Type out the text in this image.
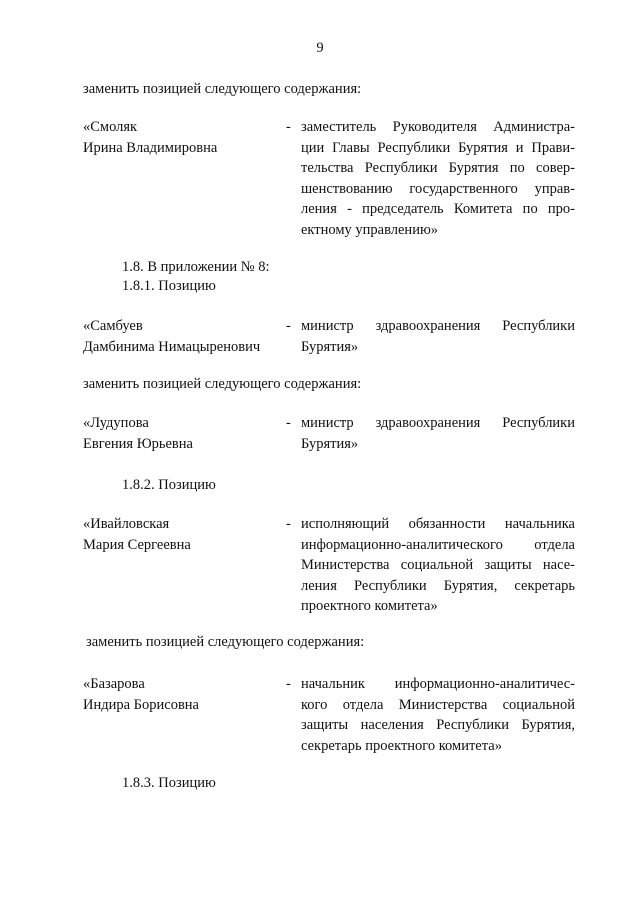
9
заменить позицией следующего содержания:
«Смоляк
Ирина Владимировна
- заместитель Руководителя Администра-
ции Главы Республики Бурятия и Прави-
тельства Республики Бурятия по совер-
шенствованию государственного управ-
ления - председатель Комитета по про-
ектному управлению»
1.8. В приложении № 8:
1.8.1. Позицию
«Самбуев
Дамбинима Нимацыренович
- министр здравоохранения Республики
Бурятия»
заменить позицией следующего содержания:
«Лудупова
Евгения Юрьевна
- министр здравоохранения Республики
Бурятия»
1.8.2. Позицию
«Ивайловская
Мария Сергеевна
- исполняющий обязанности начальника
информационно-аналитического отдела
Министерства социальной защиты насе-
ления Республики Бурятия, секретарь
проектного комитета»
заменить позицией следующего содержания:
«Базарова
Индира Борисовна
- начальник информационно-аналитичес-
кого отдела Министерства социальной
защиты населения Республики Бурятия,
секретарь проектного комитета»
1.8.3. Позицию
